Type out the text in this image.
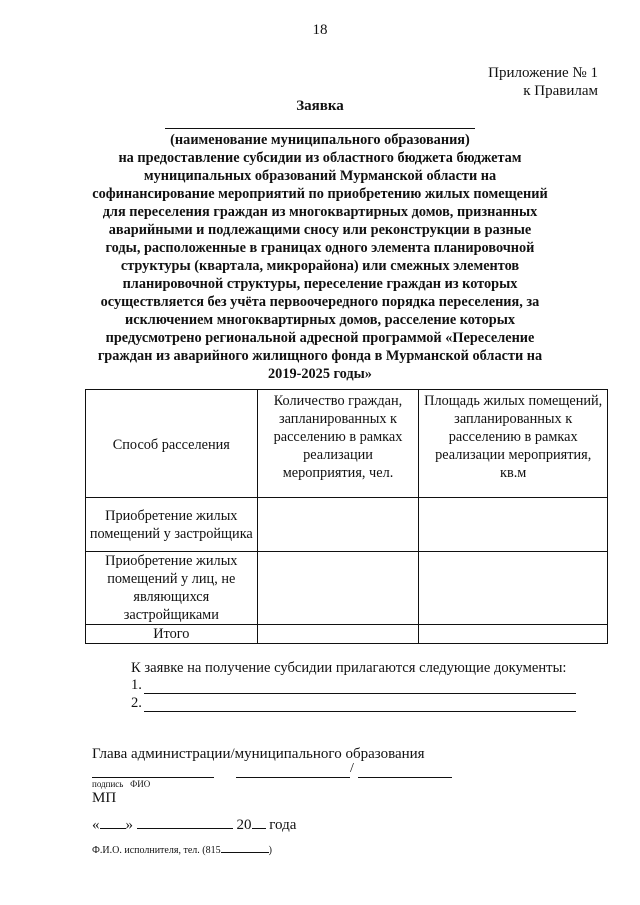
18
Приложение № 1
к Правилам
Заявка
(наименование муниципального образования)
на предоставление субсидии из областного бюджета бюджетам муниципальных образований Мурманской области на софинансирование мероприятий по приобретению жилых помещений для переселения граждан из многоквартирных домов, признанных аварийными и подлежащими сносу или реконструкции в разные годы, расположенные в границах одного элемента планировочной структуры (квартала, микрорайона) или смежных элементов планировочной структуры, переселение граждан из которых осуществляется без учёта первоочередного порядка переселения, за исключением многоквартирных домов, расселение которых предусмотрено региональной адресной программой «Переселение граждан из аварийного жилищного фонда в Мурманской области на 2019-2025 годы»
Способ расселения	Количество граждан, запланированных к расселению в рамках реализации мероприятия, чел.	Площадь жилых помещений, запланированных к расселению в рамках реализации мероприятия, кв.м
Приобретение жилых помещений у застройщика		
Приобретение жилых помещений у лиц, не являющихся застройщиками		
Итого		
К заявке на получение субсидии прилагаются следующие документы:
1.
2.
Глава администрации/муниципального образования
/
подпись ФИО
МП
« »	20 года
Ф.И.О. исполнителя, тел. (815	)
